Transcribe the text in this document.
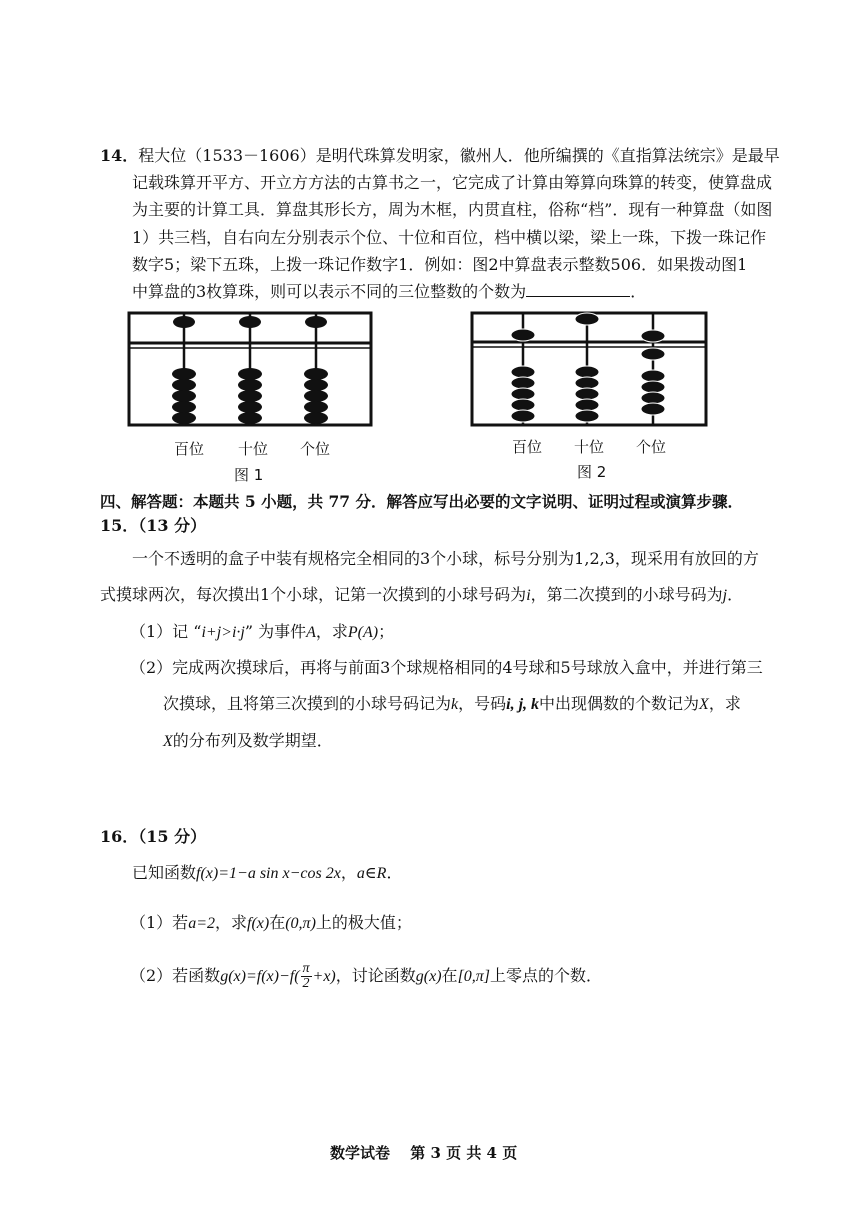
14．程大位（1533－1606）是明代珠算发明家，徽州人．他所编撰的《直指算法统宗》是最早
记载珠算开平方、开立方方法的古算书之一，它完成了计算由筹算向珠算的转变，使算盘成
为主要的计算工具．算盘其形长方，周为木框，内贯直柱，俗称“档”．现有一种算盘（如图
1）共三档，自右向左分别表示个位、十位和百位，档中横以梁，梁上一珠，下拨一珠记作
数字5；梁下五珠，上拨一珠记作数字1．例如：图2中算盘表示整数506．如果拨动图1
中算盘的3枚算珠，则可以表示不同的三位整数的个数为	．
百位 十位 个位
图 1
百位 十位 个位
图 2
四、解答题：本题共 5 小题，共 77 分．解答应写出必要的文字说明、证明过程或演算步骤．
15．（13 分）
一个不透明的盒子中装有规格完全相同的3个小球，标号分别为1,2,3，现采用有放回的方
式摸球两次，每次摸出1个小球，记第一次摸到的小球号码为i，第二次摸到的小球号码为j．
（1）记 “i+j>i·j” 为事件A，求P(A)；
（2）完成两次摸球后，再将与前面3个球规格相同的4号球和5号球放入盒中，并进行第三
次摸球，且将第三次摸到的小球号码记为k，号码i, j, k中出现偶数的个数记为X，求
X的分布列及数学期望．
16．（15 分）
已知函数f(x)=1−a sin x−cos 2x，a∈R．
（1）若a=2，求f(x)在(0,π)上的极大值；
（2）若函数$g(x)=f(x)-f( \frac{\pi}{2} +x)$，讨论函数g(x)在[0,π]上零点的个数．
数学试卷　 第 3 页 共 4 页
